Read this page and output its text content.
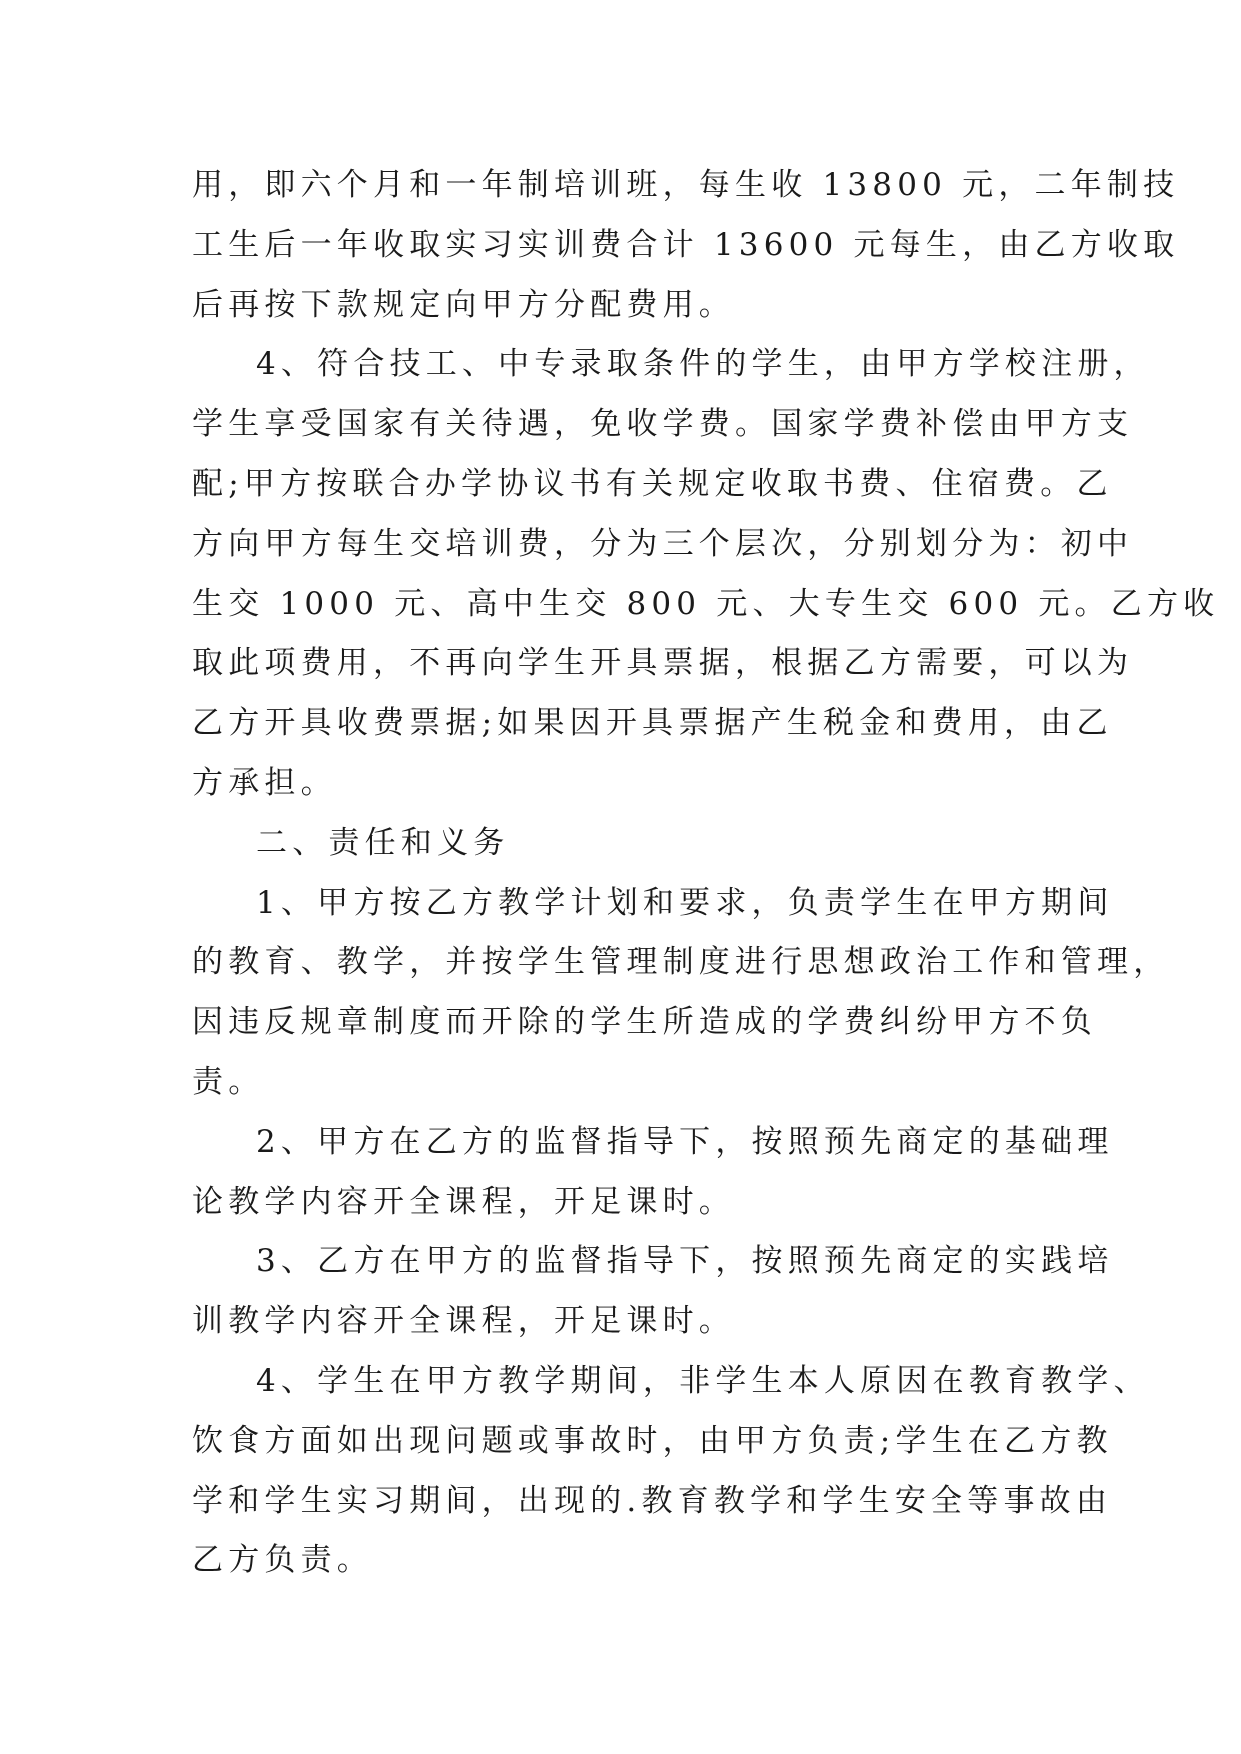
用，即六个月和一年制培训班，每生收 13800 元，二年制技
工生后一年收取实习实训费合计 13600 元每生，由乙方收取
后再按下款规定向甲方分配费用。
4、符合技工、中专录取条件的学生，由甲方学校注册，
学生享受国家有关待遇，免收学费。国家学费补偿由甲方支
配;甲方按联合办学协议书有关规定收取书费、住宿费。乙
方向甲方每生交培训费，分为三个层次，分别划分为：初中
生交 1000 元、高中生交 800 元、大专生交 600 元。乙方收
取此项费用，不再向学生开具票据，根据乙方需要，可以为
乙方开具收费票据;如果因开具票据产生税金和费用，由乙
方承担。
二、责任和义务
1、甲方按乙方教学计划和要求，负责学生在甲方期间
的教育、教学，并按学生管理制度进行思想政治工作和管理，
因违反规章制度而开除的学生所造成的学费纠纷甲方不负
责。
2、甲方在乙方的监督指导下，按照预先商定的基础理
论教学内容开全课程，开足课时。
3、乙方在甲方的监督指导下，按照预先商定的实践培
训教学内容开全课程，开足课时。
4、学生在甲方教学期间，非学生本人原因在教育教学、
饮食方面如出现问题或事故时，由甲方负责;学生在乙方教
学和学生实习期间，出现的.教育教学和学生安全等事故由
乙方负责。
